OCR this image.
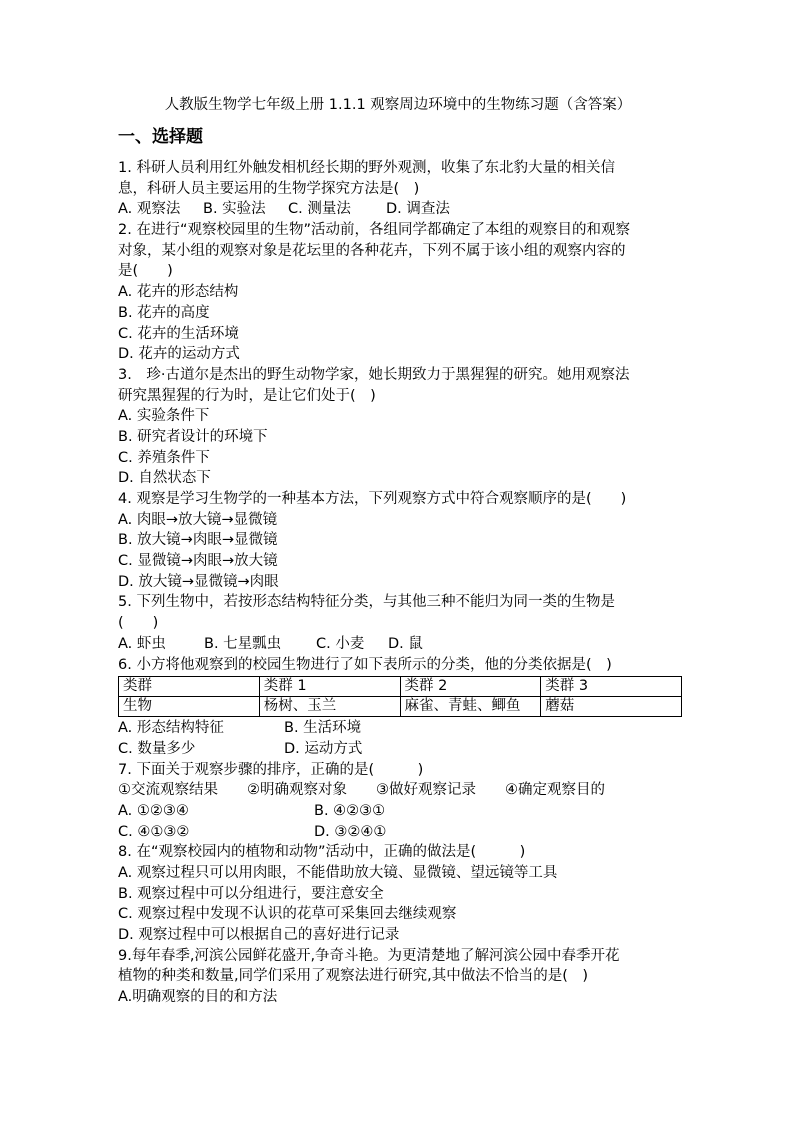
人教版生物学七年级上册 1.1.1 观察周边环境中的生物练习题（含答案）
一、选择题
1. 科研人员利用红外触发相机经长期的野外观测，收集了东北豹大量的相关信
息，科研人员主要运用的生物学探究方法是(　)
A. 观察法	B. 实验法	C. 测量法	D. 调查法
2. 在进行“观察校园里的生物”活动前，各组同学都确定了本组的观察目的和观察
对象，某小组的观察对象是花坛里的各种花卉，下列不属于该小组的观察内容的
是(　　)
A. 花卉的形态结构
B. 花卉的高度
C. 花卉的生活环境
D. 花卉的运动方式
3.　珍·古道尔是杰出的野生动物学家，她长期致力于黑猩猩的研究。她用观察法
研究黑猩猩的行为时，是让它们处于(　)
A. 实验条件下
B. 研究者设计的环境下
C. 养殖条件下
D. 自然状态下
4. 观察是学习生物学的一种基本方法，下列观察方式中符合观察顺序的是(　　)
A. 肉眼→放大镜→显微镜
B. 放大镜→肉眼→显微镜
C. 显微镜→肉眼→放大镜
D. 放大镜→显微镜→肉眼
5. 下列生物中，若按形态结构特征分类，与其他三种不能归为同一类的生物是
(　　)
A. 虾虫	B. 七星瓢虫	C. 小麦	D. 鼠
6. 小方将他观察到的校园生物进行了如下表所示的分类，他的分类依据是(　)
类群	类群 1	类群 2	类群 3
生物	杨树、玉兰	麻雀、青蛙、鲫鱼	蘑菇
A. 形态结构特征	B. 生活环境
C. 数量多少	D. 运动方式
7. 下面关于观察步骤的排序，正确的是(　　　)
①交流观察结果　　②明确观察对象　　③做好观察记录　　④确定观察目的
A. ①②③④	B. ④②③①
C. ④①③②	D. ③②④①
8. 在“观察校园内的植物和动物”活动中，正确的做法是(　　　)
A. 观察过程只可以用肉眼，不能借助放大镜、显微镜、望远镜等工具
B. 观察过程中可以分组进行，要注意安全
C. 观察过程中发现不认识的花草可采集回去继续观察
D. 观察过程中可以根据自己的喜好进行记录
9.每年春季,河滨公园鲜花盛开,争奇斗艳。为更清楚地了解河滨公园中春季开花
植物的种类和数量,同学们采用了观察法进行研究,其中做法不恰当的是(　)
A.明确观察的目的和方法
